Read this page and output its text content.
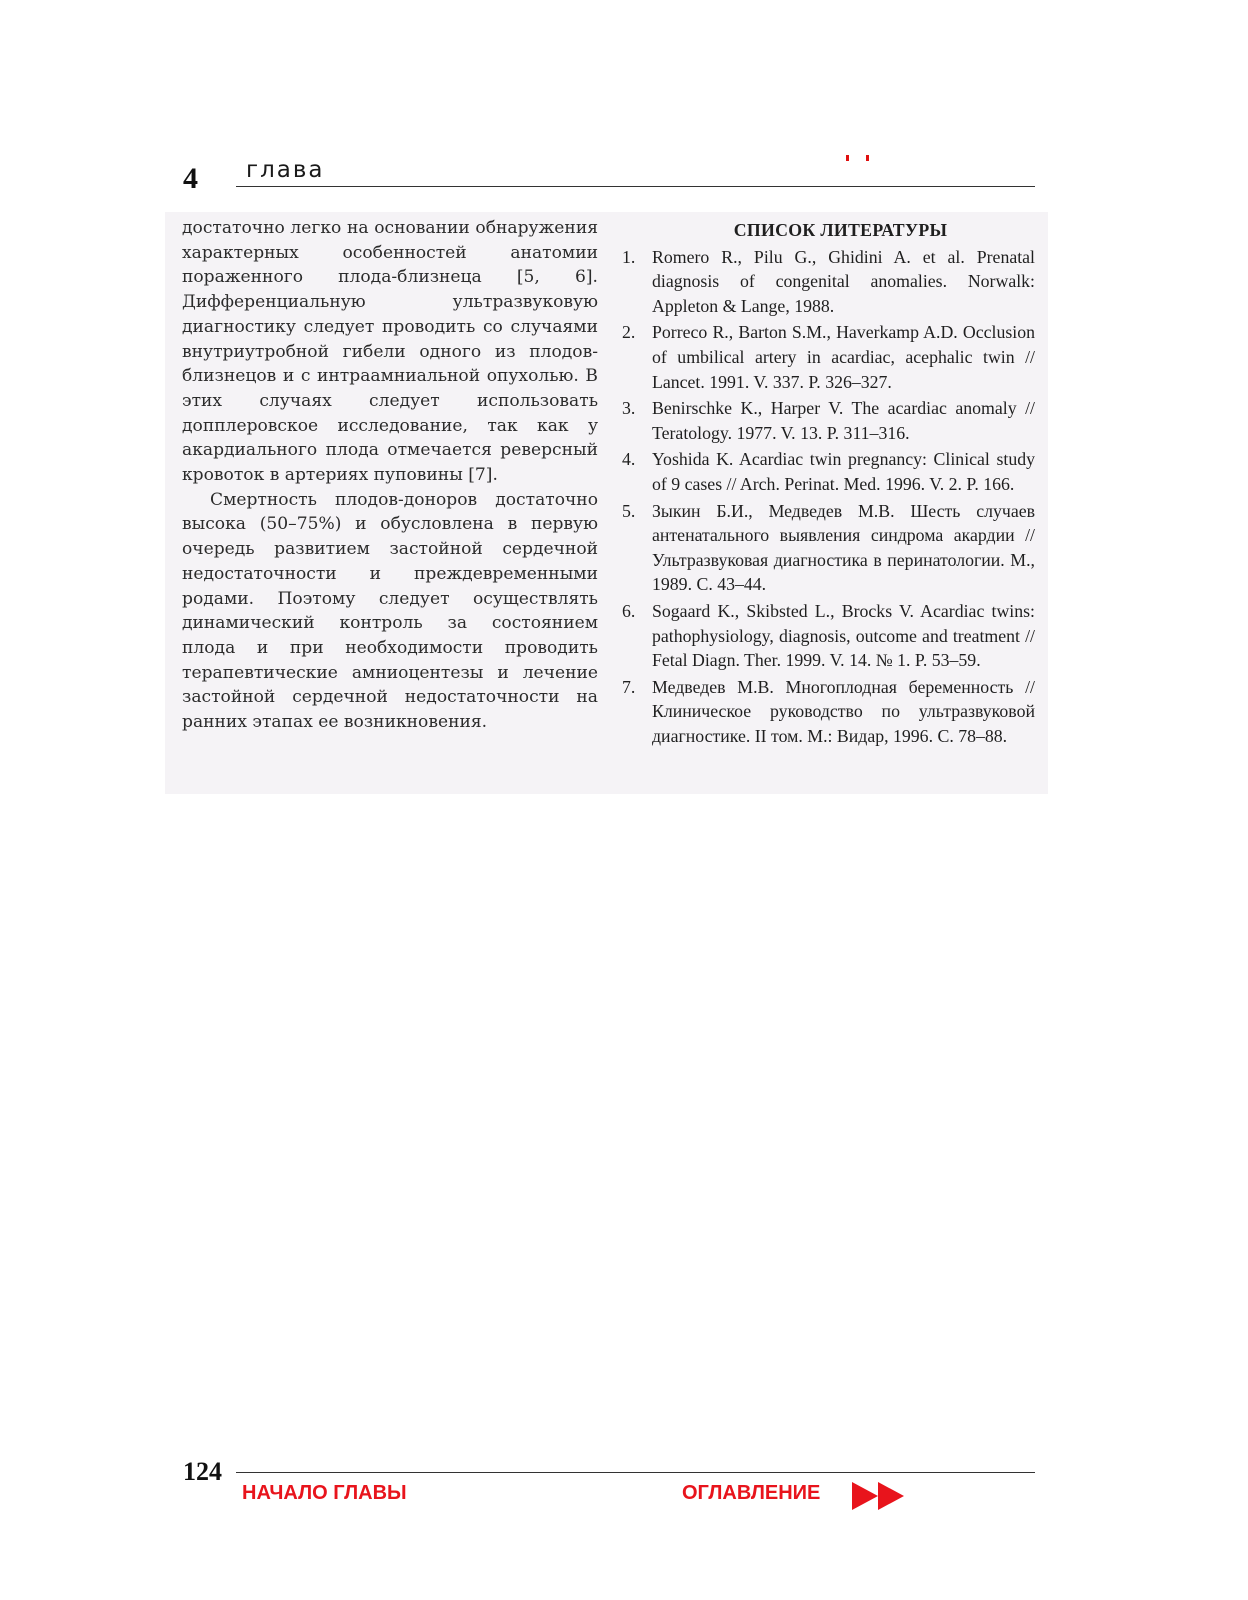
4 глава

достаточно легко на основании обнаружения характерных особенностей анатомии пораженного плода-близнеца [5, 6]. Дифференциальную ультразвуковую диагностику следует проводить со случаями внутриутробной гибели одного из плодов-близнецов и с интраамниальной опухолью. В этих случаях следует использовать допплеровское исследование, так как у акардиального плода отмечается реверсный кровоток в артериях пуповины [7].

Смертность плодов-доноров достаточно высока (50–75%) и обусловлена в первую очередь развитием застойной сердечной недостаточности и преждевременными родами. Поэтому следует осуществлять динамический контроль за состоянием плода и при необходимости проводить терапевтические амниоцентезы и лечение застойной сердечной недостаточности на ранних этапах ее возникновения.

СПИСОК ЛИТЕРАТУРЫ
1. Romero R., Pilu G., Ghidini A. et al. Prenatal diagnosis of congenital anomalies. Norwalk: Appleton & Lange, 1988.
2. Porreco R., Barton S.M., Haverkamp A.D. Occlusion of umbilical artery in acardiac, acephalic twin // Lancet. 1991. V. 337. P. 326–327.
3. Benirschke K., Harper V. The acardiac anomaly // Teratology. 1977. V. 13. P. 311–316.
4. Yoshida K. Acardiac twin pregnancy: Clinical study of 9 cases // Arch. Perinat. Med. 1996. V. 2. P. 166.
5. Зыкин Б.И., Медведев М.В. Шесть случаев антенатального выявления синдрома акардии // Ультразвуковая диагностика в перинатологии. М., 1989. С. 43–44.
6. Sogaard K., Skibsted L., Brocks V. Acardiac twins: pathophysiology, diagnosis, outcome and treatment // Fetal Diagn. Ther. 1999. V. 14. № 1. P. 53–59.
7. Медведев М.В. Многоплодная беременность // Клиническое руководство по ультразвуковой диагностике. II том. М.: Видар, 1996. С. 78–88.
124
НАЧАЛО ГЛАВЫ	ОГЛАВЛЕНИЕ
